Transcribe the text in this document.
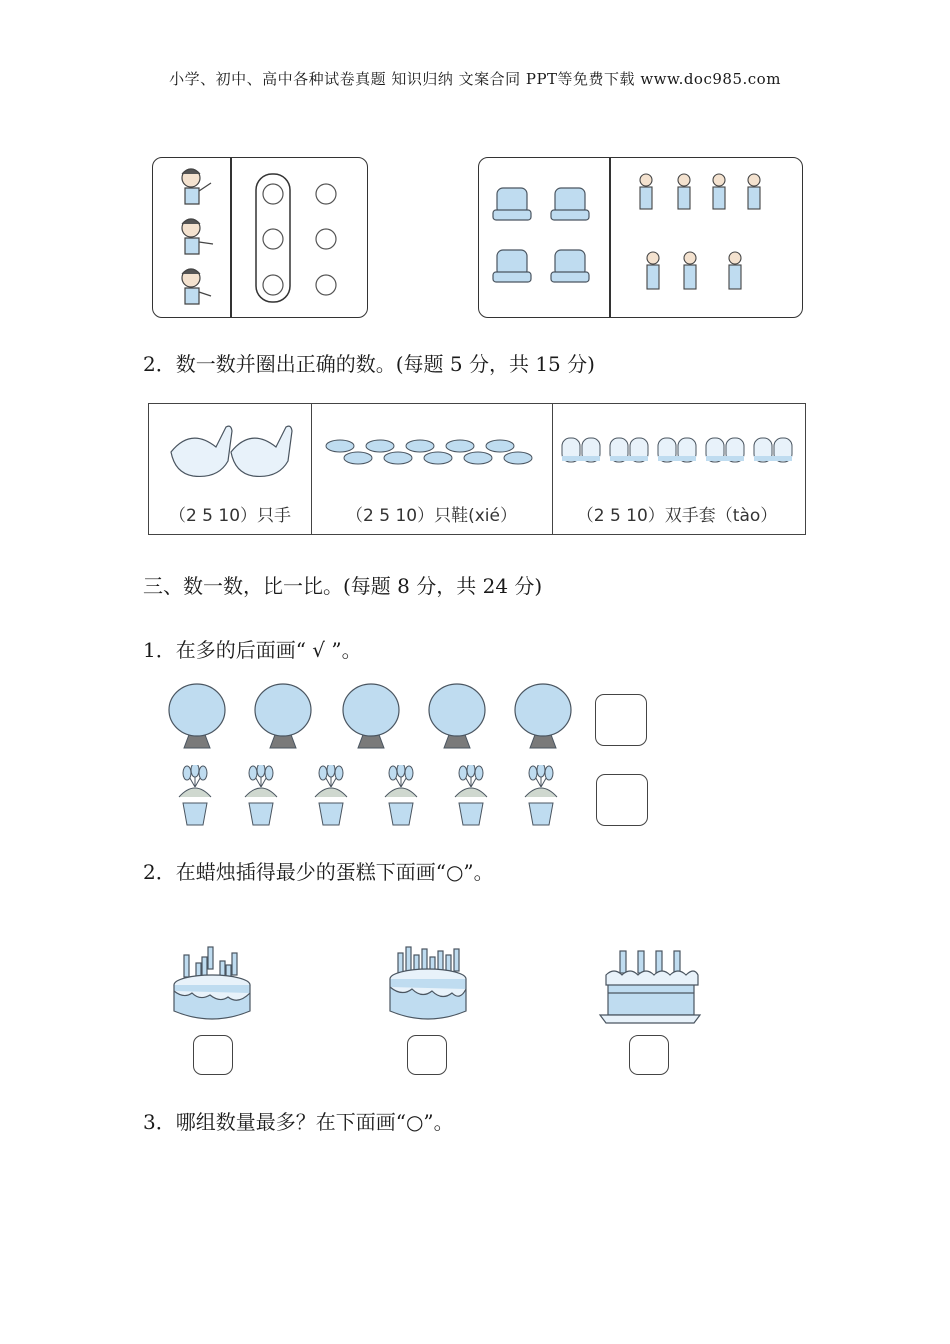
小学、初中、高中各种试卷真题 知识归纳 文案合同 PPT等免费下载 www.doc985.com
2．数一数并圈出正确的数。(每题 5 分，共 15 分)
（2 5 10）只手	（2 5 10）只鞋(xié）	（2 5 10）双手套（tào）
三、数一数，比一比。(每题 8 分，共 24 分)
1．在多的后面画“ √ ”。
2．在蜡烛插得最少的蛋糕下面画“○”。
3．哪组数量最多？在下面画“○”。
